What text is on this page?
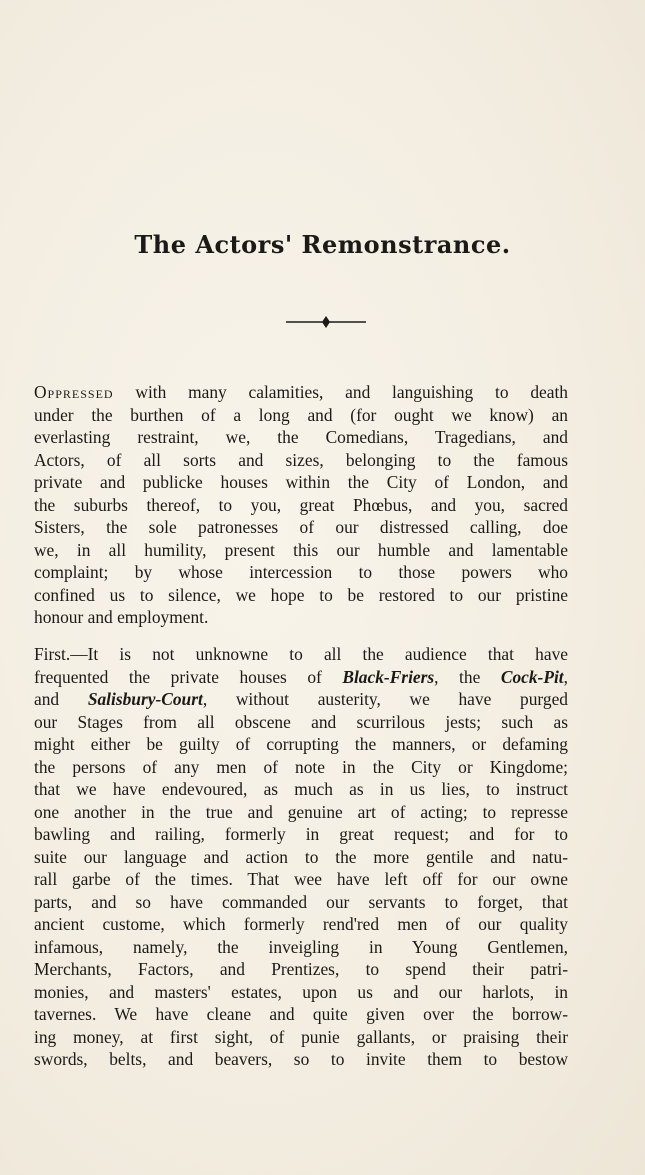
The Actors' Remonstrance.
Oppressed with many calamities, and languishing to death
under the burthen of a long and (for ought we know) an
everlasting restraint, we, the Comedians, Tragedians, and
Actors, of all sorts and sizes, belonging to the famous
private and publicke houses within the City of London, and
the suburbs thereof, to you, great Phœbus, and you, sacred
Sisters, the sole patronesses of our distressed calling, doe
we, in all humility, present this our humble and lamentable
complaint; by whose intercession to those powers who
confined us to silence, we hope to be restored to our pristine
honour and employment.
First.—It is not unknowne to all the audience that have
frequented the private houses of Black-Friers, the Cock-Pit,
and Salisbury-Court, without austerity, we have purged
our Stages from all obscene and scurrilous jests; such as
might either be guilty of corrupting the manners, or defaming
the persons of any men of note in the City or Kingdome;
that we have endevoured, as much as in us lies, to instruct
one another in the true and genuine art of acting; to represse
bawling and railing, formerly in great request; and for to
suite our language and action to the more gentile and natu-
rall garbe of the times. That wee have left off for our owne
parts, and so have commanded our servants to forget, that
ancient custome, which formerly rend'red men of our quality
infamous, namely, the inveigling in Young Gentlemen,
Merchants, Factors, and Prentizes, to spend their patri-
monies, and masters' estates, upon us and our harlots, in
tavernes. We have cleane and quite given over the borrow-
ing money, at first sight, of punie gallants, or praising their
swords, belts, and beavers, so to invite them to bestow
